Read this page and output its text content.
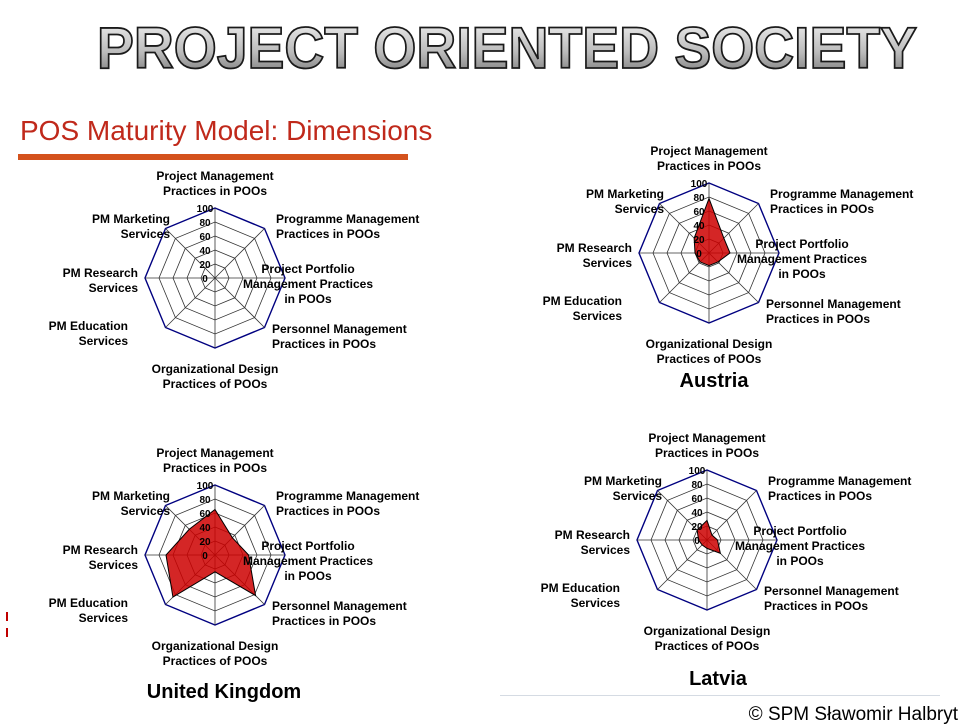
PROJECT ORIENTED SOCIETY
POS Maturity Model: Dimensions
100
80
60
40
20
0
Project Management Practices in POOs
Programme Management Practices in POOs
Project Portfolio Management Practices in POOs
Personnel Management Practices in POOs
Organizational Design Practices of POOs
PM Education Services
PM Research Services
PM Marketing Services
100
80
60
40
20
0
Project Management Practices in POOs
Programme Management Practices in POOs
Project Portfolio Management Practices in POOs
Personnel Management Practices in POOs
Organizational Design Practices of POOs
PM Education Services
PM Research Services
PM Marketing Services
100
80
60
40
20
0
Project Management Practices in POOs
Programme Management Practices in POOs
Project Portfolio Management Practices in POOs
Personnel Management Practices in POOs
Organizational Design Practices of POOs
PM Education Services
PM Research Services
PM Marketing Services
100
80
60
40
20
0
Project Management Practices in POOs
Programme Management Practices in POOs
Project Portfolio Management Practices in POOs
Personnel Management Practices in POOs
Organizational Design Practices of POOs
PM Education Services
PM Research Services
PM Marketing Services
Austria
United Kingdom
Latvia
© SPM Sławomir Halbryt
